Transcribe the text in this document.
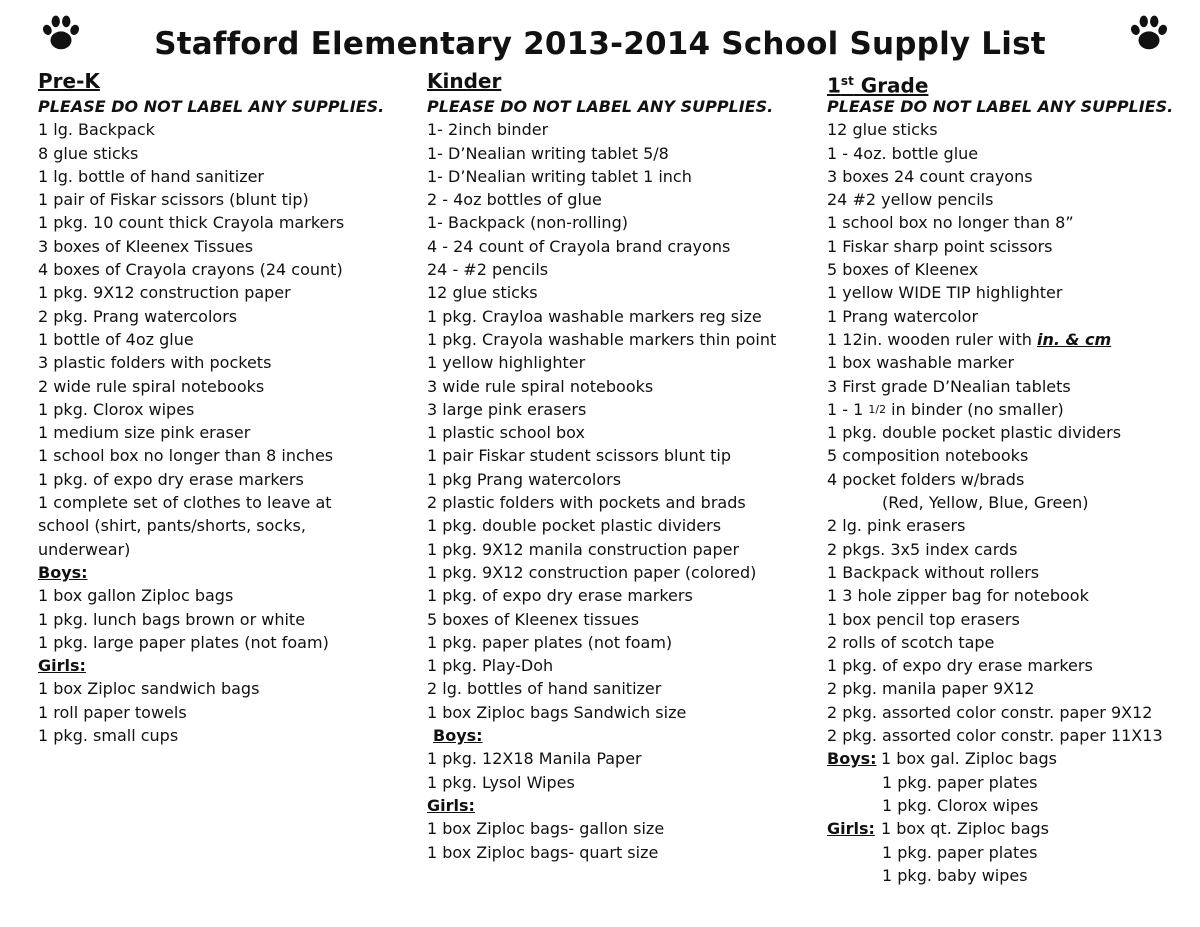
Stafford Elementary 2013-2014 School Supply List
Pre-K
PLEASE DO NOT LABEL ANY SUPPLIES.
1 lg. Backpack
8 glue sticks
1 lg. bottle of hand sanitizer
1 pair of Fiskar scissors (blunt tip)
1 pkg. 10 count thick Crayola markers
3 boxes of Kleenex Tissues
4 boxes of Crayola crayons (24 count)
1 pkg. 9X12 construction paper
2 pkg. Prang watercolors
1 bottle of 4oz glue
3 plastic folders with pockets
2 wide rule spiral notebooks
1 pkg. Clorox wipes
1 medium size pink eraser
1 school box no longer than 8 inches
1 pkg. of expo dry erase markers
1 complete set of clothes to leave at school (shirt, pants/shorts, socks, underwear)
Boys:
1 box gallon Ziploc bags
1 pkg. lunch bags brown or white
1 pkg. large paper plates (not foam)
Girls:
1 box Ziploc sandwich bags
1 roll paper towels
1 pkg. small cups
Kinder
PLEASE DO NOT LABEL ANY SUPPLIES.
1- 2inch binder
1- D’Nealian writing tablet 5/8
1- D’Nealian writing tablet 1 inch
2 - 4oz bottles of glue
1- Backpack (non-rolling)
4 - 24 count of Crayola brand crayons
24 - #2 pencils
12 glue sticks
1 pkg. Crayloa washable markers reg size
1 pkg. Crayola washable markers thin point
1 yellow highlighter
3 wide rule spiral notebooks
3 large pink erasers
1 plastic school box
1 pair Fiskar student scissors blunt tip
1 pkg Prang watercolors
2 plastic folders with pockets and brads
1 pkg. double pocket plastic dividers
1 pkg. 9X12 manila construction paper
1 pkg. 9X12 construction paper (colored)
1 pkg. of expo dry erase markers
5 boxes of Kleenex tissues
1 pkg. paper plates (not foam)
1 pkg. Play-Doh
2 lg. bottles of hand sanitizer
1 box Ziploc bags Sandwich size
Boys:
1 pkg. 12X18 Manila Paper
1 pkg. Lysol Wipes
Girls:
1 box Ziploc bags- gallon size
1 box Ziploc bags- quart size
1st Grade
PLEASE DO NOT LABEL ANY SUPPLIES.
12 glue sticks
1 - 4oz. bottle glue
3 boxes 24 count crayons
24 #2 yellow pencils
1 school box no longer than 8”
1 Fiskar sharp point scissors
5 boxes of Kleenex
1 yellow WIDE TIP highlighter
1 Prang watercolor
1 12in. wooden ruler with in. & cm
1 box washable marker
3 First grade D’Nealian tablets
1 - 1 1/2 in binder (no smaller)
1 pkg. double pocket plastic dividers
5 composition notebooks
4 pocket folders w/brads
(Red, Yellow, Blue, Green)
2 lg. pink erasers
2 pkgs. 3x5 index cards
1 Backpack without rollers
1 3 hole zipper bag for notebook
1 box pencil top erasers
2 rolls of scotch tape
1 pkg. of expo dry erase markers
2 pkg. manila paper 9X12
2 pkg. assorted color constr. paper 9X12
2 pkg. assorted color constr. paper 11X13
Boys: 1 box gal. Ziploc bags
1 pkg. paper plates
1 pkg. Clorox wipes
Girls: 1 box qt. Ziploc bags
1 pkg. paper plates
1 pkg. baby wipes
